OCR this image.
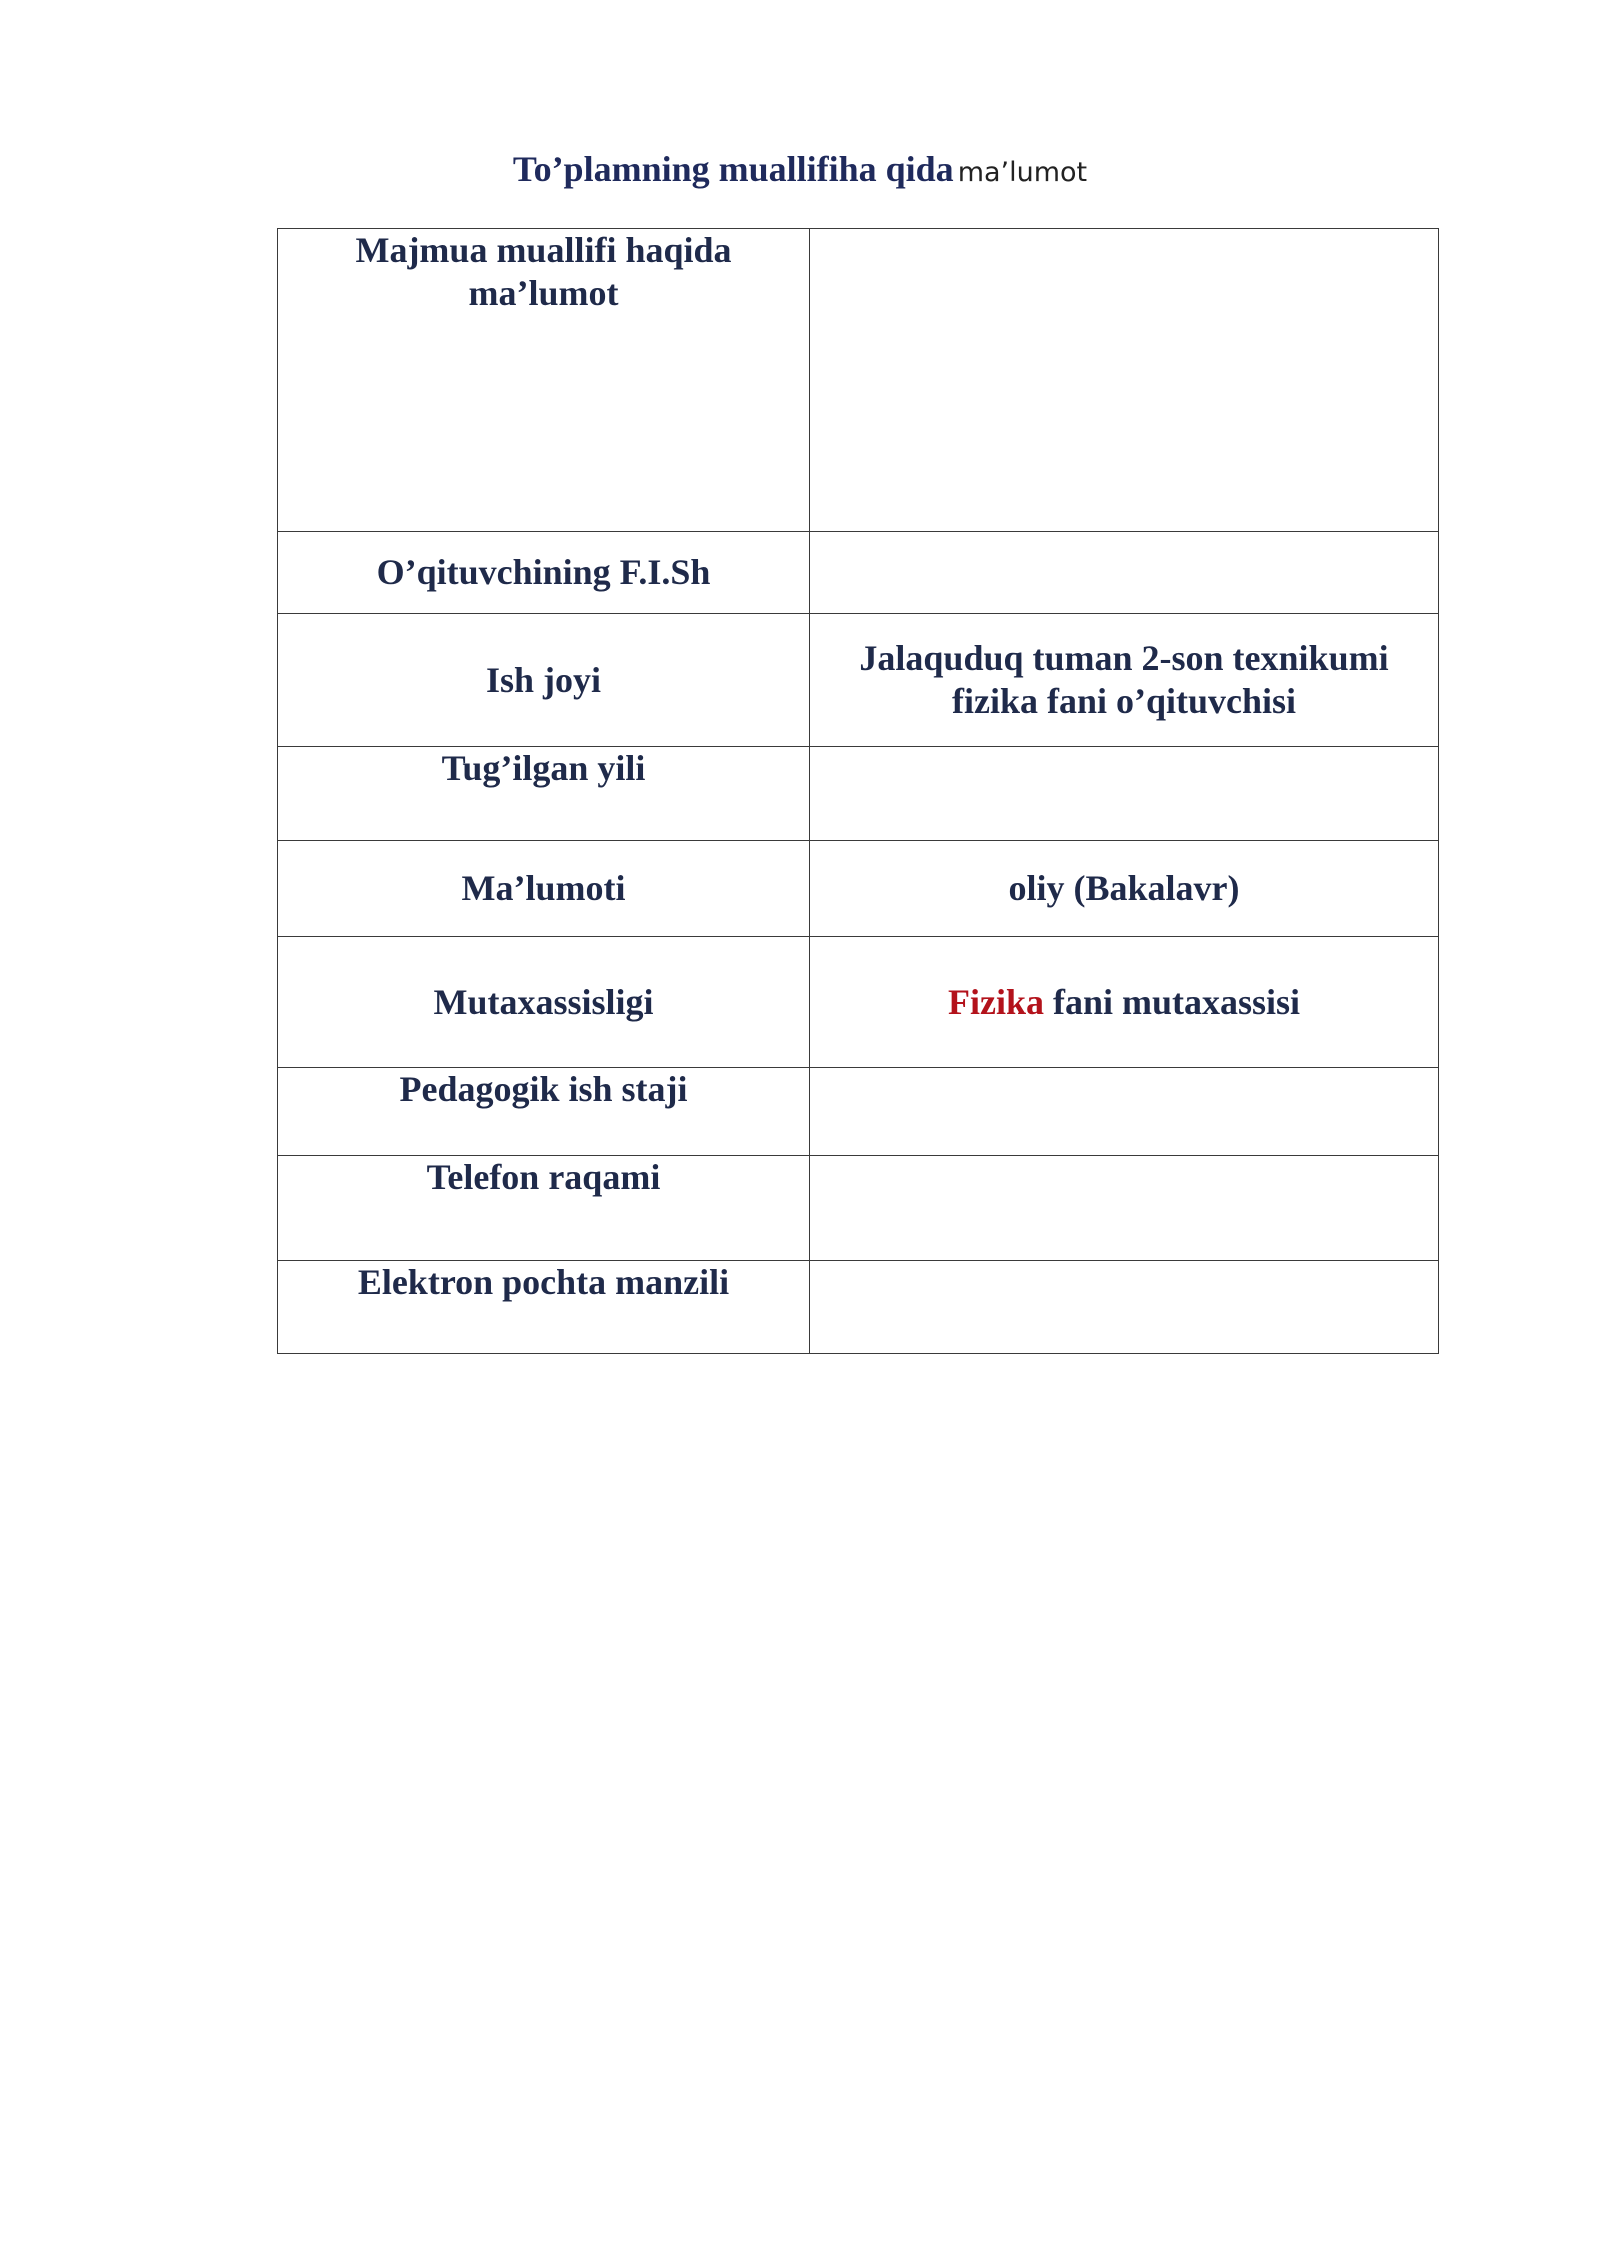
To’plamning muallifiha qida ma’lumot
Majmua muallifi haqida ma’lumot	
O’qituvchining F.I.Sh	
Ish joyi	Jalaquduq tuman 2-son texnikumi fizika fani o’qituvchisi
Tug’ilgan yili	
Ma’lumoti	oliy (Bakalavr)
Mutaxassisligi	Fizika fani mutaxassisi
Pedagogik ish staji	
Telefon raqami	
Elektron pochta manzili	
